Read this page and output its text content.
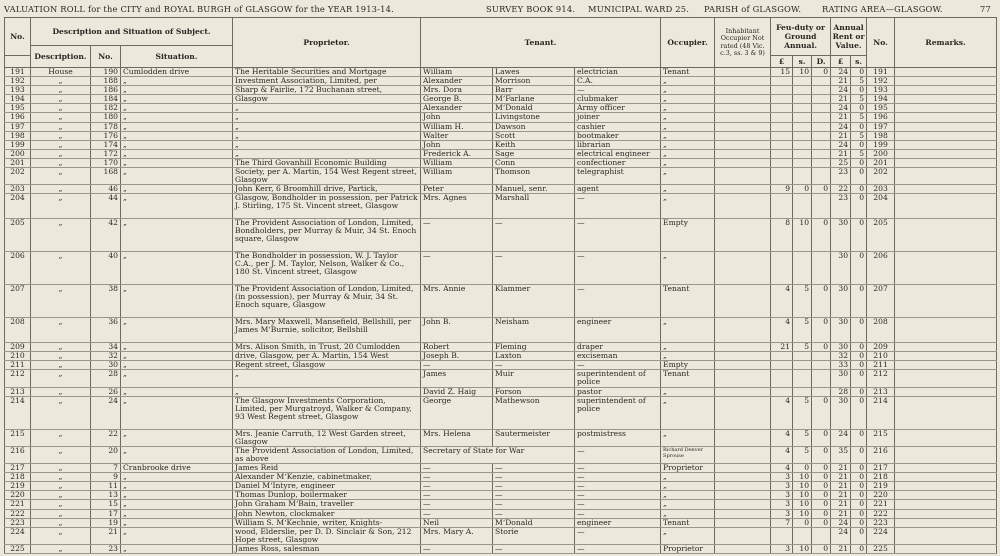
VALUATION ROLL for the CITY and ROYAL BURGH of GLASGOW for the YEAR 1913-14.	SURVEY BOOK 914. MUNICIPAL WARD 25. PARISH of GLASGOW.	RATING AREA—GLASGOW.	77
No.	Description and Situation of Subject.			Proprietor.	Tenant.			Occupier.	Inhabitant Occupier Not rated (48 Vic. c.3, ss. 3 & 9)	Feu-duty or Ground Annual.			Annual Rent or Value.		No.	Remarks.
	Description.	No.	Situation.													
										£	s.	D.	£	s.		
191	House	190	Cumlodden drive	The Heritable Securities and Mortgage	William	Lawes	electrician	Tenant		15	10	0	24	0	191	
192	„	188	„	Investment Association, Limited, per	Alexander	Morrison	C.A.	„					21	5	192	
193	„	186	„	Sharp & Fairlie, 172 Buchanan street,	Mrs. Dora	Barr	—	„					24	0	193	
194	„	184	„	Glasgow	George B.	M‘Farlane	clubmaker	„					21	5	194	
195	„	182	„	„	Alexander	M‘Donald	Army officer	„					24	0	195	
196	„	180	„	„	John	Livingstone	joiner	„					21	5	196	
197	„	178	„	„	William H.	Dawson	cashier	„					24	0	197	
198	„	176	„	„	Walter	Scott	bootmaker	„					21	5	198	
199	„	174	„	„	John	Keith	librarian	„					24	0	199	
200	„	172	„	„	Frederick A.	Sage	electrical engineer	„					21	5	200	
201	„	170	„	The Third Govanhill Economic Building	William	Conn	confectioner	„					25	0	201	
202	„	168	„	Society, per A. Martin, 154 West Regent street, Glasgow	William	Thomson	telegraphist	„					23	0	202	
203	„	46	„	John Kerr, 6 Broomhill drive, Partick,	Peter	Manuel, senr.	agent	„		9	0	0	22	0	203	
204	„	44	„	Glasgow, Bondholder in possession, per Patrick J. Stirling, 175 St. Vincent street, Glasgow	Mrs. Agnes	Marshall	—	„					23	0	204	
205	„	42	„	The Provident Association of London, Limited, Bondholders, per Murray & Muir, 34 St. Enoch square, Glasgow	—	—	—	Empty		8	10	0	30	0	205	
206	„	40	„	The Bondholder in possession, W. J. Taylor C.A., per J. M. Taylor, Nelson, Walker & Co., 180 St. Vincent street, Glasgow	—	—	—	„					30	0	206	
207	„	38	„	The Provident Association of London, Limited, (in possession), per Murray & Muir, 34 St. Enoch square, Glasgow	Mrs. Annie	Klammer	—	Tenant		4	5	0	30	0	207	
208	„	36	„	Mrs. Mary Maxwell, Mansefield, Bellshill, per James M‘Burnie, solicitor, Bellshill	John B.	Neisham	engineer	„		4	5	0	30	0	208	
209	„	34	„	Mrs. Alison Smith, in Trust, 20 Cumlodden	Robert	Fleming	draper	„		21	5	0	30	0	209	
210	„	32	„	drive, Glasgow, per A. Martin, 154 West	Joseph B.	Laxton	exciseman	„					32	0	210	
211	„	30	„	Regent street, Glasgow	—	—	—	Empty					33	0	211	
212	„	28	„	„	James	Muir	superintendent of police	Tenant					30	0	212	
213	„	26	„	„	David Z. Haig	Forson	pastor	„					28	0	213	
214	„	24	„	The Glasgow Investments Corporation, Limited, per Murgatroyd, Walker & Company, 93 West Regent street, Glasgow	George	Mathewson	superintendent of police	„		4	5	0	30	0	214	
215	„	22	„	Mrs. Jeanie Carruth, 12 West Garden street, Glasgow	Mrs. Helena	Sautermeister	postmistress	„		4	5	0	24	0	215	
216	„	20	„	The Provident Association of London, Limited, as above	Secretary of State for War		—	Richard Denver Sprouse		4	5	0	35	0	216	
217	„	7	Cranbrooke drive	James Reid	—	—	—	Proprietor		4	0	0	21	0	217	
218	„	9	„	Alexander M‘Kenzie, cabinetmaker,	—	—	—	„		3	10	0	21	0	218	
219	„	11	„	Daniel M‘Intyre, engineer	—	—	—	„		3	10	0	21	0	219	
220	„	13	„	Thomas Dunlop, boilermaker	—	—	—	„		3	10	0	21	0	220	
221	„	15	„	John Graham M‘Bain, traveller	—	—	—	„		3	10	0	21	0	221	
222	„	17	„	John Newton, clockmaker	—	—	—	„		3	10	0	21	0	222	
223	„	19	„	William S. M‘Kechnie, writer, Knights-	Neil	M‘Donald	engineer	Tenant		7	0	0	24	0	223	
224	„	21	„	wood, Elderslie, per D. D. Sinclair & Son, 212 Hope street, Glasgow	Mrs. Mary A.	Storie	—	„					24	0	224	
225	„	23	„	James Ross, salesman	—	—	—	Proprietor		3	10	0	21	0	225	
